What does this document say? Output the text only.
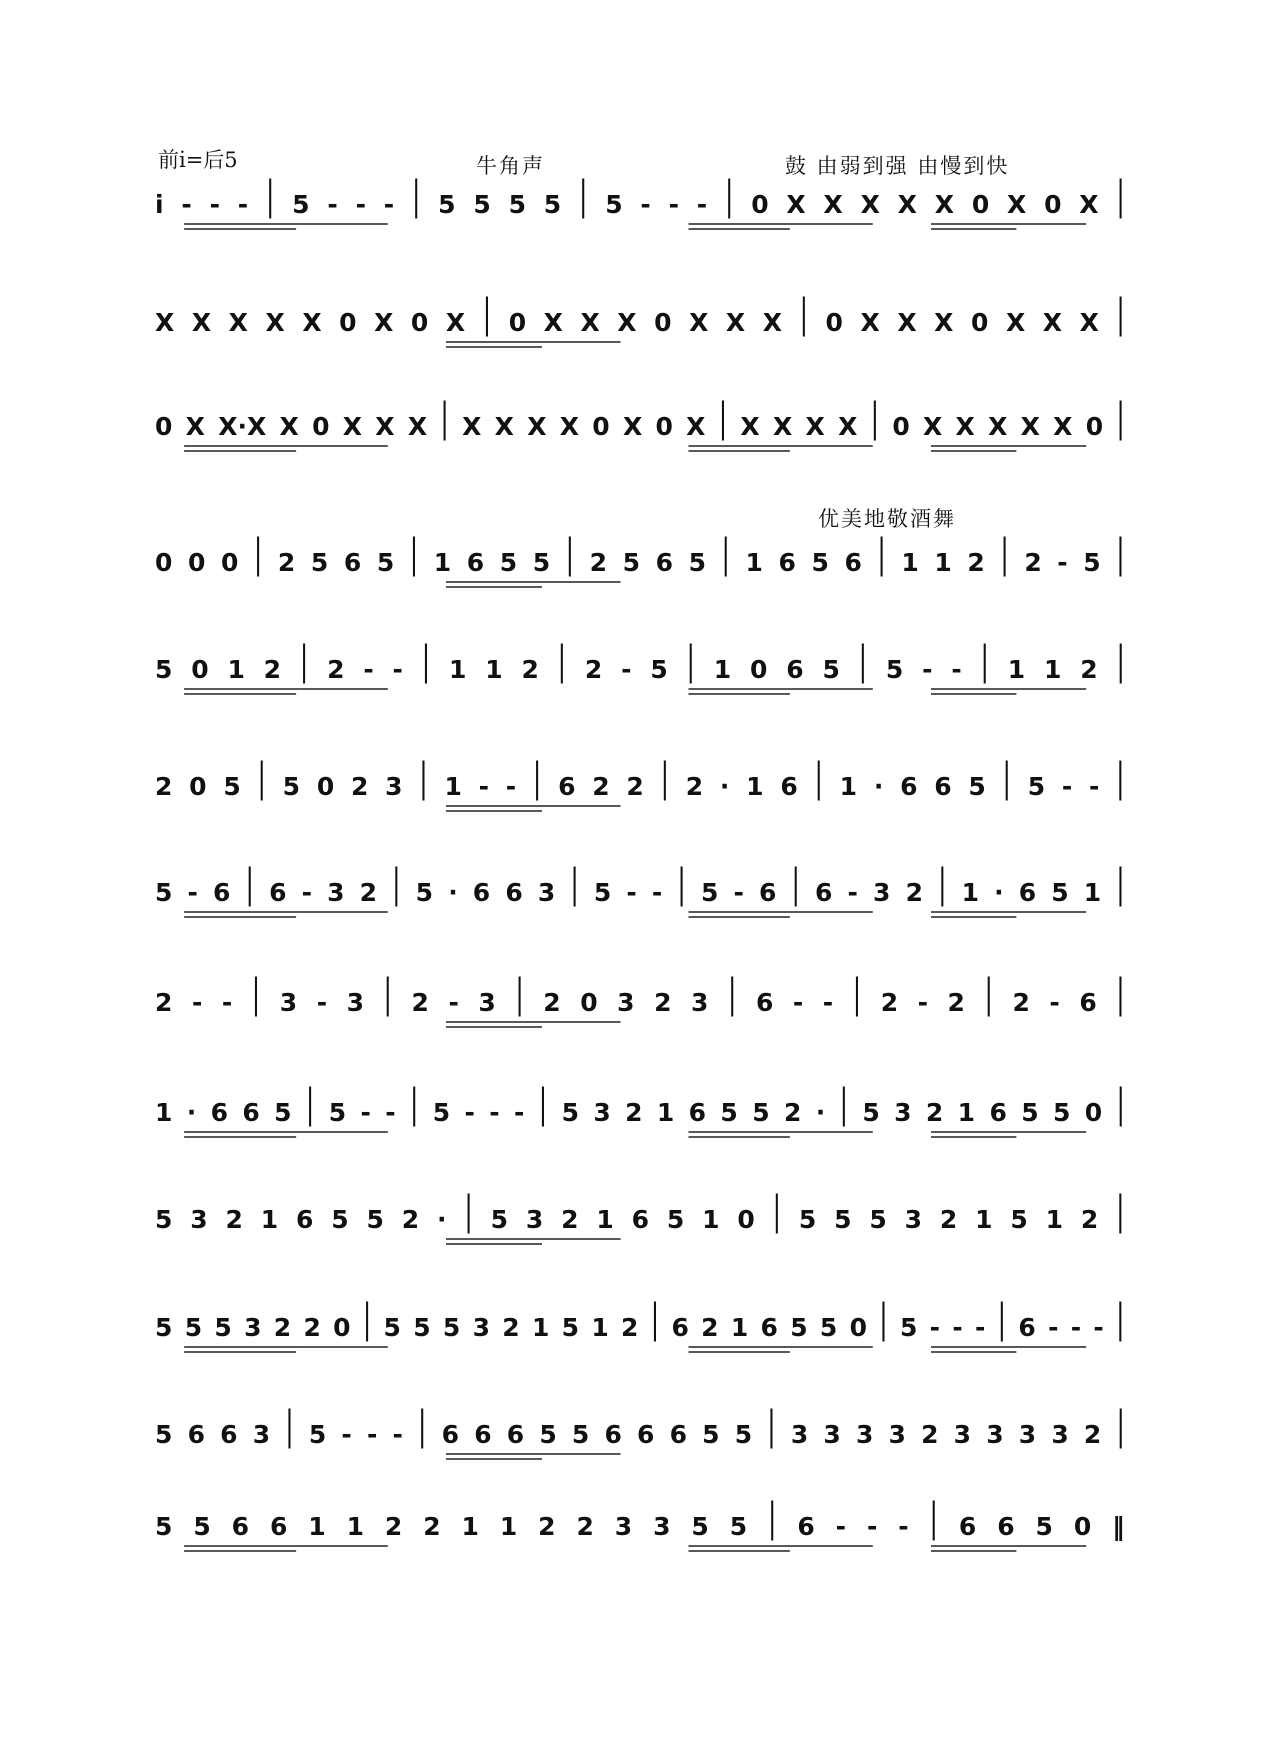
前i̇=后5	牛角声	鼓 由弱到强 由慢到快
优美地敬酒舞
i̇ - - - | 5 - - - | 5 5 5 5 | 5 - - - | 0 X X X X X 0 X 0 X |
X X X X X 0 X 0 X | 0 X X X 0 X X X | 0 X X X 0 X X X |
0 X X·X X 0 X X X | X X X X 0 X 0 X | X X X X | 0 X X X X X 0 |
0 0 0 | 2 5 6 5 | 1 6 5 5 | 2 5 6 5 | 1 6 5 6 | 1 1 2 | 2 - 5 |
5 0 1 2 | 2 - - | 1 1 2 | 2 - 5 | 1 0 6 5 | 5 - - | 1 1 2 |
2 0 5 | 5 0 2 3 | 1 - - | 6 2 2 | 2 · 1 6 | 1 · 6 6 5 | 5 - - |
5 - 6 | 6 - 3 2 | 5 · 6 6 3 | 5 - - | 5 - 6 | 6 - 3 2 | 1 · 6 5 1 |
2 - - | 3 - 3 | 2 - 3 | 2 0 3 2 3 | 6 - - | 2 - 2 | 2 - 6 |
1 · 6 6 5 | 5 - - | 5 - - - | 5 3 2 1 6 5 5 2 · | 5 3 2 1 6 5 5 0 |
5 3 2 1 6 5 5 2 · | 5 3 2 1 6 5 1 0 | 5 5 5 3 2 1 5 1 2 |
5 5 5 3 2 2 0 | 5 5 5 3 2 1 5 1 2 | 6 2 1 6 5 5 0 | 5 - - - | 6 - - - |
5 6 6 3 | 5 - - - | 6 6 6 5 5 6 6 6 5 5 | 3 3 3 3 2 3 3 3 3 2 |
5 5 6 6 1 1 2 2 1 1 2 2 3 3 5 5 | 6 - - - | 6 6 5 0 ‖
